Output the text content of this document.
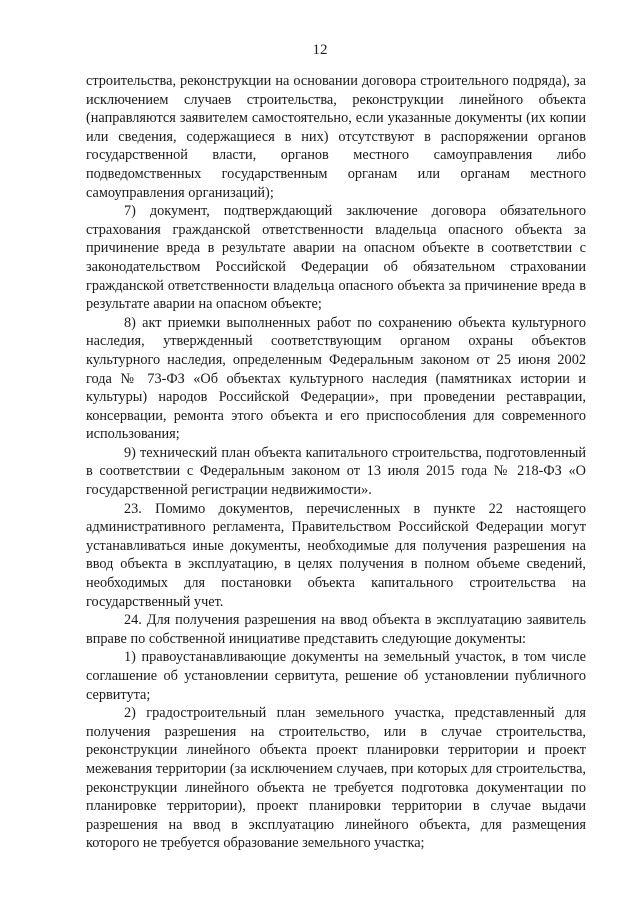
12

строительства, реконструкции на основании договора строительного подряда), за исключением случаев строительства, реконструкции линейного объекта (направляются заявителем самостоятельно, если указанные документы (их копии или сведения, содержащиеся в них) отсутствуют в распоряжении органов государственной власти, органов местного самоуправления либо подведомственных государственным органам или органам местного самоуправления организаций);

7) документ, подтверждающий заключение договора обязательного страхования гражданской ответственности владельца опасного объекта за причинение вреда в результате аварии на опасном объекте в соответствии с законодательством Российской Федерации об обязательном страховании гражданской ответственности владельца опасного объекта за причинение вреда в результате аварии на опасном объекте;

8) акт приемки выполненных работ по сохранению объекта культурного наследия, утвержденный соответствующим органом охраны объектов культурного наследия, определенным Федеральным законом от 25 июня 2002 года № 73-ФЗ «Об объектах культурного наследия (памятниках истории и культуры) народов Российской Федерации», при проведении реставрации, консервации, ремонта этого объекта и его приспособления для современного использования;

9) технический план объекта капитального строительства, подготовленный в соответствии с Федеральным законом от 13 июля 2015 года № 218-ФЗ «О государственной регистрации недвижимости».

23. Помимо документов, перечисленных в пункте 22 настоящего административного регламента, Правительством Российской Федерации могут устанавливаться иные документы, необходимые для получения разрешения на ввод объекта в эксплуатацию, в целях получения в полном объеме сведений, необходимых для постановки объекта капитального строительства на государственный учет.

24. Для получения разрешения на ввод объекта в эксплуатацию заявитель вправе по собственной инициативе представить следующие документы:

1) правоустанавливающие документы на земельный участок, в том числе соглашение об установлении сервитута, решение об установлении публичного сервитута;

2) градостроительный план земельного участка, представленный для получения разрешения на строительство, или в случае строительства, реконструкции линейного объекта проект планировки территории и проект межевания территории (за исключением случаев, при которых для строительства, реконструкции линейного объекта не требуется подготовка документации по планировке территории), проект планировки территории в случае выдачи разрешения на ввод в эксплуатацию линейного объекта, для размещения которого не требуется образование земельного участка;
